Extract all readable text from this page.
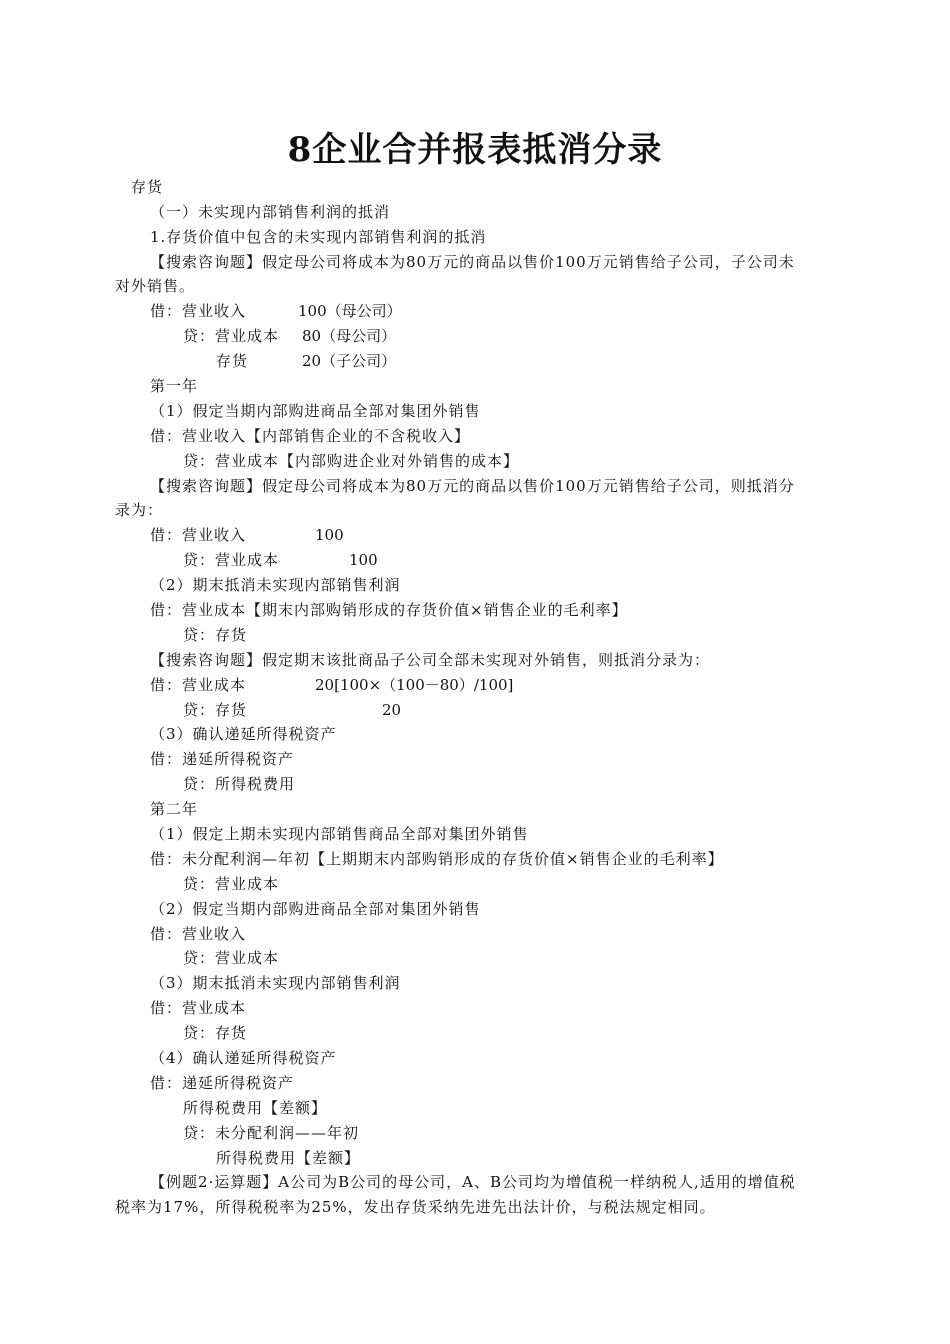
8企业合并报表抵消分录
存货
（一）未实现内部销售利润的抵消
1.存货价值中包含的未实现内部销售利润的抵消
【搜索咨询题】假定母公司将成本为80万元的商品以售价100万元销售给子公司，子公司未
对外销售。
借：营业收入	100（母公司）
贷：营业成本 80（母公司）
存货	20（子公司）
第一年
（1）假定当期内部购进商品全部对集团外销售
借：营业收入【内部销售企业的不含税收入】
贷：营业成本【内部购进企业对外销售的成本】
【搜索咨询题】假定母公司将成本为80万元的商品以售价100万元销售给子公司，则抵消分
录为：
借：营业收入	100
贷：营业成本	100
（2）期末抵消未实现内部销售利润
借：营业成本【期末内部购销形成的存货价值×销售企业的毛利率】
贷：存货
【搜索咨询题】假定期末该批商品子公司全部未实现对外销售，则抵消分录为：
借：营业成本	20[100×（100－80）/100]
贷：存货	20
（3）确认递延所得税资产
借：递延所得税资产
贷：所得税费用
第二年
（1）假定上期未实现内部销售商品全部对集团外销售
借：未分配利润—年初【上期期末内部购销形成的存货价值×销售企业的毛利率】
贷：营业成本
（2）假定当期内部购进商品全部对集团外销售
借：营业收入
贷：营业成本
（3）期末抵消未实现内部销售利润
借：营业成本
贷：存货
（4）确认递延所得税资产
借：递延所得税资产
所得税费用【差额】
贷：未分配利润——年初
所得税费用【差额】
【例题2·运算题】A公司为B公司的母公司，A、B公司均为增值税一样纳税人,适用的增值税
税率为17%，所得税税率为25%，发出存货采纳先进先出法计价，与税法规定相同。
